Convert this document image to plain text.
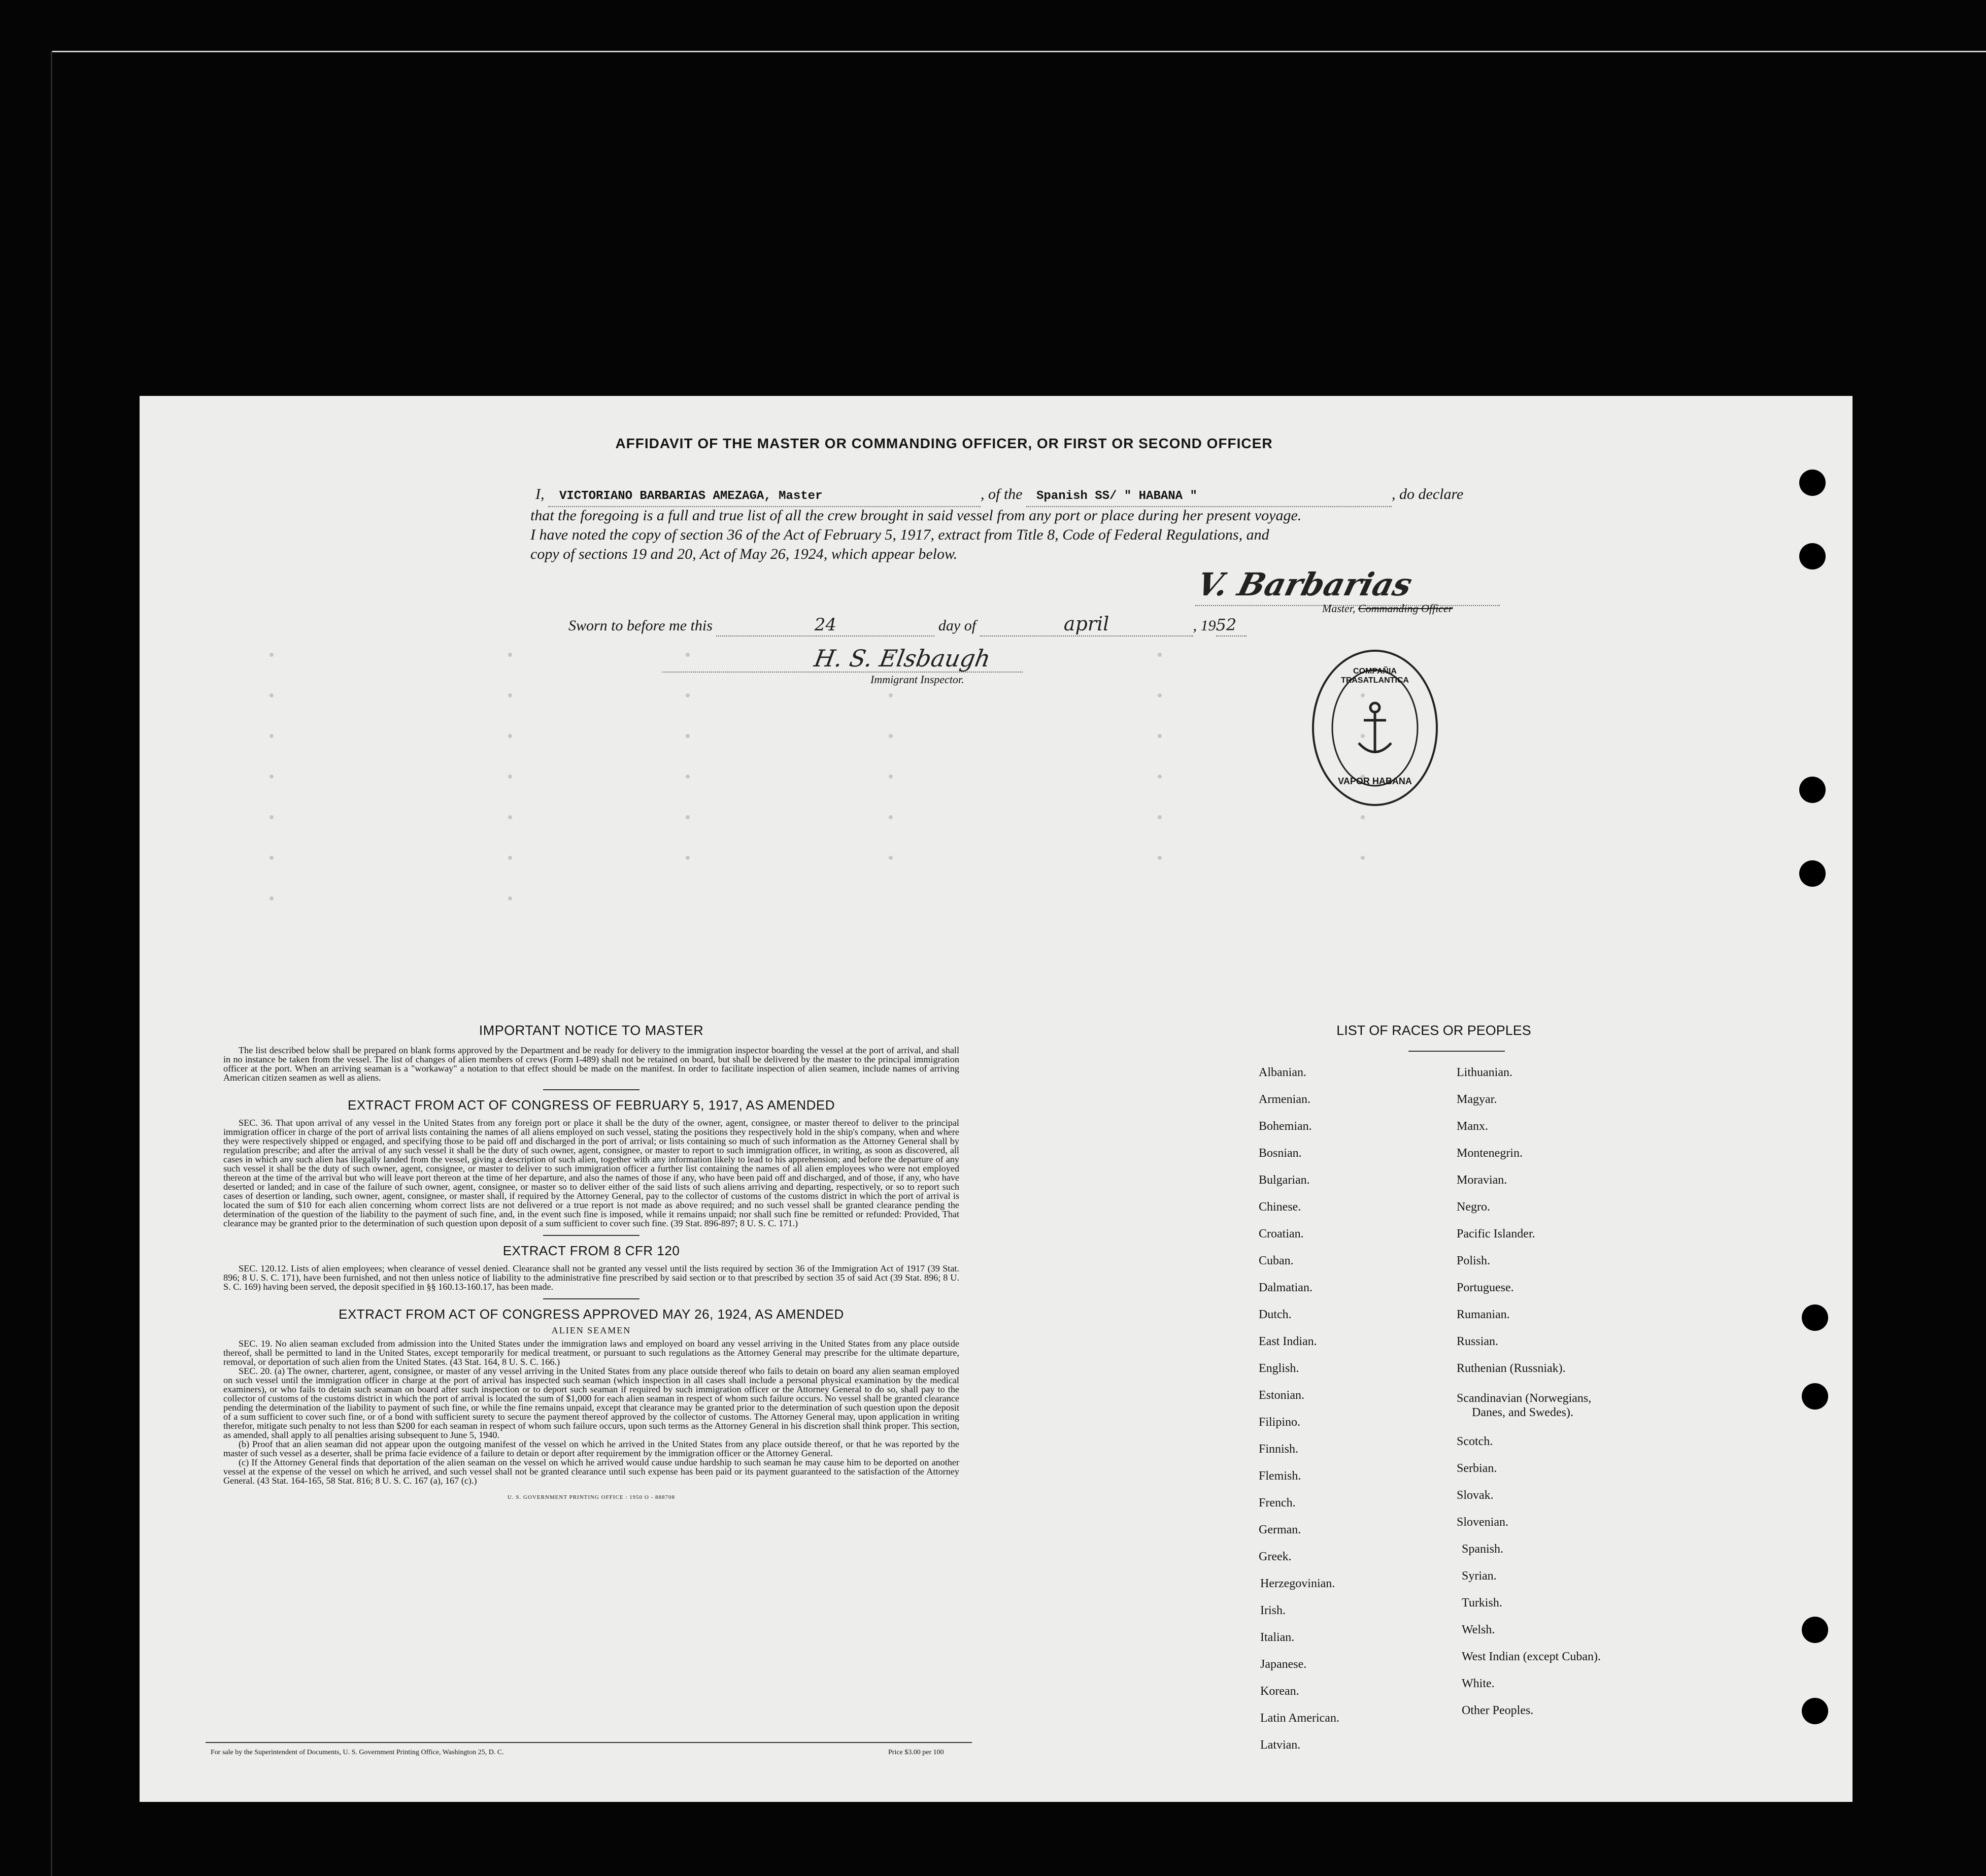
AFFIDAVIT OF THE MASTER OR COMMANDING OFFICER, OR FIRST OR SECOND OFFICER
I, VICTORIANO BARBARIAS AMEZAGA, Master	, of the Spanish SS/ " HABANA "	, do declare
that the foregoing is a full and true list of all the crew brought in said vessel from any port or place during her present voyage.
I have noted the copy of section 36 of the Act of February 5, 1917, extract from Title 8, Code of Federal Regulations, and
copy of sections 19 and 20, Act of May 26, 1924, which appear below.
V. Barbarias
Master, Commanding Officer
Sworn to before me this	24	day of	april	, 1952
H. S. Elsbaugh
Immigrant Inspector.
COMPAÑIA TRASATLANTICA
VAPOR HABANA
IMPORTANT NOTICE TO MASTER
The list described below shall be prepared on blank forms approved by the Department and be ready for delivery to the immigration inspector boarding the vessel at the port of arrival, and shall in no instance be taken from the vessel. The list of changes of alien members of crews (Form I-489) shall not be retained on board, but shall be delivered by the master to the principal immigration officer at the port. When an arriving seaman is a "workaway" a notation to that effect should be made on the manifest. In order to facilitate inspection of alien seamen, include names of arriving American citizen seamen as well as aliens.
EXTRACT FROM ACT OF CONGRESS OF FEBRUARY 5, 1917, AS AMENDED
SEC. 36. That upon arrival of any vessel in the United States from any foreign port or place it shall be the duty of the owner, agent, consignee, or master thereof to deliver to the principal immigration officer in charge of the port of arrival lists containing the names of all aliens employed on such vessel, stating the positions they respectively hold in the ship's company, when and where they were respectively shipped or engaged, and specifying those to be paid off and discharged in the port of arrival; or lists containing so much of such information as the Attorney General shall by regulation prescribe; and after the arrival of any such vessel it shall be the duty of such owner, agent, consignee, or master to report to such immigration officer, in writing, as soon as discovered, all cases in which any such alien has illegally landed from the vessel, giving a description of such alien, together with any information likely to lead to his apprehension; and before the departure of any such vessel it shall be the duty of such owner, agent, consignee, or master to deliver to such immigration officer a further list containing the names of all alien employees who were not employed thereon at the time of the arrival but who will leave port thereon at the time of her departure, and also the names of those if any, who have been paid off and discharged, and of those, if any, who have deserted or landed; and in case of the failure of such owner, agent, consignee, or master so to deliver either of the said lists of such aliens arriving and departing, respectively, or so to report such cases of desertion or landing, such owner, agent, consignee, or master shall, if required by the Attorney General, pay to the collector of customs of the customs district in which the port of arrival is located the sum of $10 for each alien concerning whom correct lists are not delivered or a true report is not made as above required; and no such vessel shall be granted clearance pending the determination of the question of the liability to the payment of such fine, and, in the event such fine is imposed, while it remains unpaid; nor shall such fine be remitted or refunded: Provided, That clearance may be granted prior to the determination of such question upon deposit of a sum sufficient to cover such fine. (39 Stat. 896-897; 8 U. S. C. 171.)
EXTRACT FROM 8 CFR 120
SEC. 120.12. Lists of alien employees; when clearance of vessel denied. Clearance shall not be granted any vessel until the lists required by section 36 of the Immigration Act of 1917 (39 Stat. 896; 8 U. S. C. 171), have been furnished, and not then unless notice of liability to the administrative fine prescribed by said section or to that prescribed by section 35 of said Act (39 Stat. 896; 8 U. S. C. 169) having been served, the deposit specified in §§ 160.13-160.17, has been made.
EXTRACT FROM ACT OF CONGRESS APPROVED MAY 26, 1924, AS AMENDED
ALIEN SEAMEN
SEC. 19. No alien seaman excluded from admission into the United States under the immigration laws and employed on board any vessel arriving in the United States from any place outside thereof, shall be permitted to land in the United States, except temporarily for medical treatment, or pursuant to such regulations as the Attorney General may prescribe for the ultimate departure, removal, or deportation of such alien from the United States. (43 Stat. 164, 8 U. S. C. 166.)
SEC. 20. (a) The owner, charterer, agent, consignee, or master of any vessel arriving in the United States from any place outside thereof who fails to detain on board any alien seaman employed on such vessel until the immigration officer in charge at the port of arrival has inspected such seaman (which inspection in all cases shall include a personal physical examination by the medical examiners), or who fails to detain such seaman on board after such inspection or to deport such seaman if required by such immigration officer or the Attorney General to do so, shall pay to the collector of customs of the customs district in which the port of arrival is located the sum of $1,000 for each alien seaman in respect of whom such failure occurs. No vessel shall be granted clearance pending the determination of the liability to payment of such fine, or while the fine remains unpaid, except that clearance may be granted prior to the determination of such question upon the deposit of a sum sufficient to cover such fine, or of a bond with sufficient surety to secure the payment thereof approved by the collector of customs. The Attorney General may, upon application in writing therefor, mitigate such penalty to not less than $200 for each seaman in respect of whom such failure occurs, upon such terms as the Attorney General in his discretion shall think proper. This section, as amended, shall apply to all penalties arising subsequent to June 5, 1940.
(b) Proof that an alien seaman did not appear upon the outgoing manifest of the vessel on which he arrived in the United States from any place outside thereof, or that he was reported by the master of such vessel as a deserter, shall be prima facie evidence of a failure to detain or deport after requirement by the immigration officer or the Attorney General.
(c) If the Attorney General finds that deportation of the alien seaman on the vessel on which he arrived would cause undue hardship to such seaman he may cause him to be deported on another vessel at the expense of the vessel on which he arrived, and such vessel shall not be granted clearance until such expense has been paid or its payment guaranteed to the satisfaction of the Attorney General. (43 Stat. 164-165, 58 Stat. 816; 8 U. S. C. 167 (a), 167 (c).)
U. S. GOVERNMENT PRINTING OFFICE : 1950 O - 888708
For sale by the Superintendent of Documents, U. S. Government Printing Office, Washington 25, D. C.	Price $3.00 per 100
LIST OF RACES OR PEOPLES
Albanian.
Armenian.
Bohemian.
Bosnian.
Bulgarian.
Chinese.
Croatian.
Cuban.
Dalmatian.
Dutch.
East Indian.
English.
Estonian.
Filipino.
Finnish.
Flemish.
French.
German.
Greek.
Herzegovinian.
Irish.
Italian.
Japanese.
Korean.
Latin American.
Latvian.
Lithuanian.
Magyar.
Manx.
Montenegrin.
Moravian.
Negro.
Pacific Islander.
Polish.
Portuguese.
Rumanian.
Russian.
Ruthenian (Russniak).
Scandinavian (Norwegians,
Danes, and Swedes).
Scotch.
Serbian.
Slovak.
Slovenian.
Spanish.
Syrian.
Turkish.
Welsh.
West Indian (except Cuban).
White.
Other Peoples.
